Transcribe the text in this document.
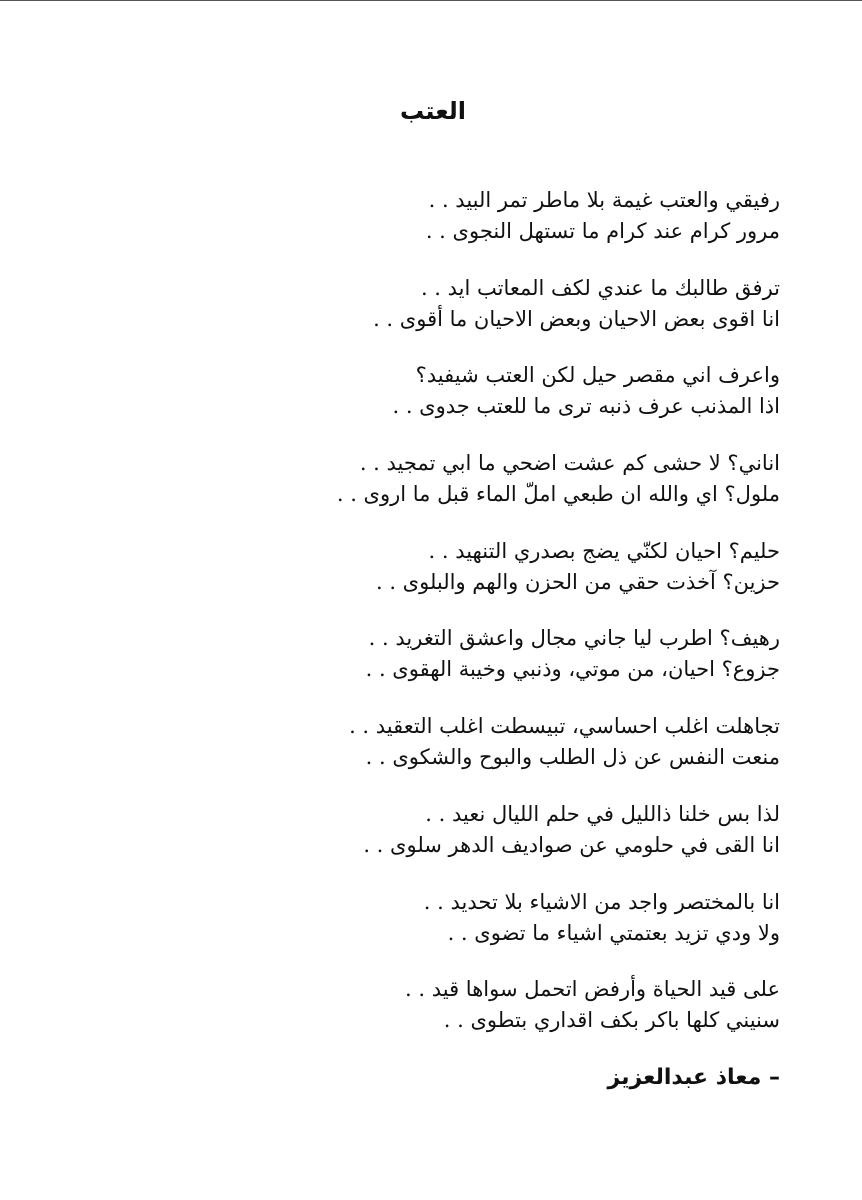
العتب
رفيقي والعتب غيمة بلا ماطر تمر البيد . .
مرور كرام عند كرام ما تستهل النجوى . .
ترفق طالبك ما عندي لكف المعاتب ايد . .
انا اقوى بعض الاحيان وبعض الاحيان ما أقوى . .
واعرف اني مقصر حيل لكن العتب شيفيد؟
اذا المذنب عرف ذنبه ترى ما للعتب جدوى . .
اناني؟ لا حشى كم عشت اضحي ما ابي تمجيد . .
ملول؟ اي والله ان طبعي املّ الماء قبل ما اروى . .
حليم؟ احيان لكنّي يضج بصدري التنهيد . .
حزين؟ آخذت حقي من الحزن والهم والبلوى . .
رهيف؟ اطرب ليا جاني مجال واعشق التغريد . .
جزوع؟ احيان، من موتي، وذنبي وخيبة الهقوى . .
تجاهلت اغلب احساسي، تبيسطت اغلب التعقيد . .
منعت النفس عن ذل الطلب والبوح والشكوى . .
لذا بس خلنا ذالليل في حلم الليال نعيد . .
انا القى في حلومي عن صواديف الدهر سلوى . .
انا بالمختصر واجد من الاشياء بلا تحديد . .
ولا ودي تزيد بعتمتي اشياء ما تضوى . .
على قيد الحياة وأرفض اتحمل سواها قيد . .
سنيني كلها باكر بكف اقداري بتطوى . .
– معاذ عبدالعزيز
